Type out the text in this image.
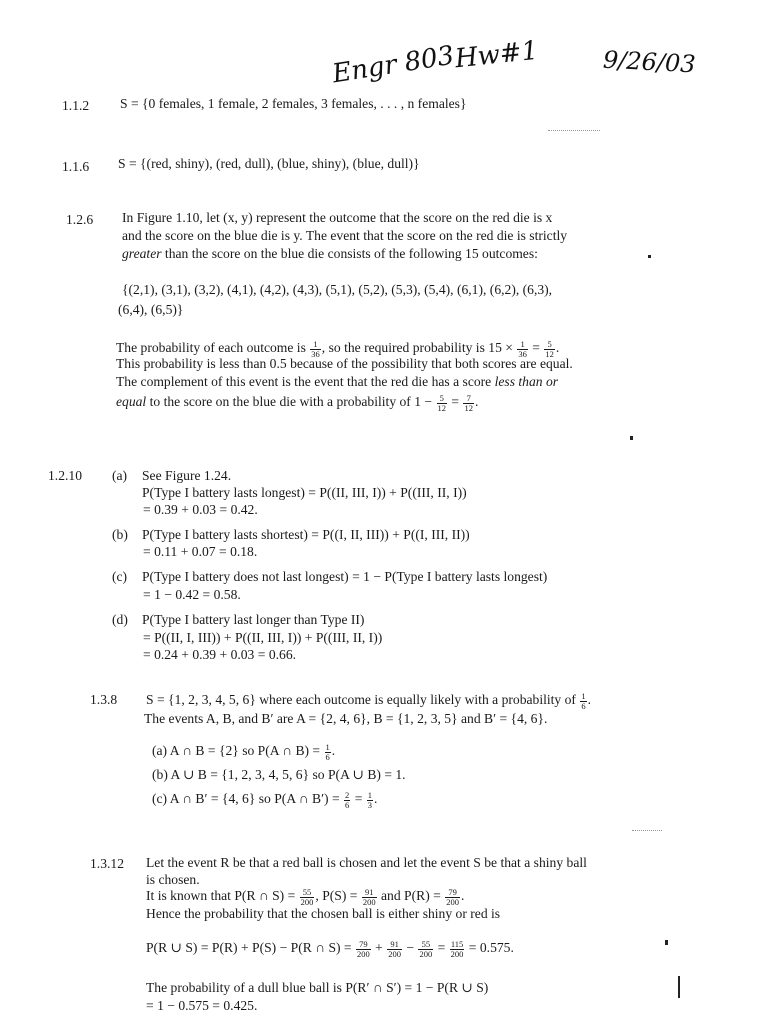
Engr 803
Hw#1	9/26/03
1.1.2 S = {0 females, 1 female, 2 females, 3 females, . . . , n females}
1.1.6 S = {(red, shiny), (red, dull), (blue, shiny), (blue, dull)}
1.2.6 In Figure 1.10, let (x, y) represent the outcome that the score on the red die is x
and the score on the blue die is y. The event that the score on the red die is strictly
greater than the score on the blue die consists of the following 15 outcomes:
{(2,1), (3,1), (3,2), (4,1), (4,2), (4,3), (5,1), (5,2), (5,3), (5,4), (6,1), (6,2), (6,3),
(6,4), (6,5)}
The probability of each outcome is $\frac{1}{36}$ , so the required probability is $15 \times \frac{1}{36} = \frac{5}{12}$ .
This probability is less than 0.5 because of the possibility that both scores are equal.
The complement of this event is the event that the red die has a score less than or
equal to the score on the blue die with a probability of $1 - \frac{5}{12} = \frac{7}{12}$ .
1.2.10 (a) See Figure 1.24.
P(Type I battery lasts longest) = P((II, III, I)) + P((III, II, I))
= 0.39 + 0.03 = 0.42.
(b) P(Type I battery lasts shortest) = P((I, II, III)) + P((I, III, II))
= 0.11 + 0.07 = 0.18.
(c) P(Type I battery does not last longest) = 1 − P(Type I battery lasts longest)
= 1 − 0.42 = 0.58.
(d) P(Type I battery last longer than Type II)
= P((II, I, III)) + P((II, III, I)) + P((III, II, I))
= 0.24 + 0.39 + 0.03 = 0.66.
1.3.8 S = {1, 2, 3, 4, 5, 6} where each outcome is equally likely with a probability of $\frac{1}{6}$ .
The events A, B, and B′ are A = {2, 4, 6}, B = {1, 2, 3, 5} and B′ = {4, 6}.
(a) A ∩ B = {2} so P(A ∩ $B) = \frac{1}{6}$ .
(b) A ∪ B = {1, 2, 3, 4, 5, 6} so P(A ∪ B) = 1.
(c) A ∩ B′ = {4, 6} so P(A ∩ $B') = \frac{2}{6} = \frac{1}{3}$ .
1.3.12 Let the event R be that a red ball is chosen and let the event S be that a shiny ball
is chosen.
It is known that P(R ∩ $S) = \frac{55}{200}$ , $P(S) = \frac{91}{200}$ and $P(R) = \frac{79}{200}$ .
Hence the probability that the chosen ball is either shiny or red is
P(R ∪ S) = P(R) + P(S) − P(R ∩ $S) = \frac{79}{200} + \frac{91}{200} - \frac{55}{200} = \frac{115}{200} = 0.575$.
The probability of a dull blue ball is P(R′ ∩ S′) = 1 − P(R ∪ S)
= 1 − 0.575 = 0.425.
